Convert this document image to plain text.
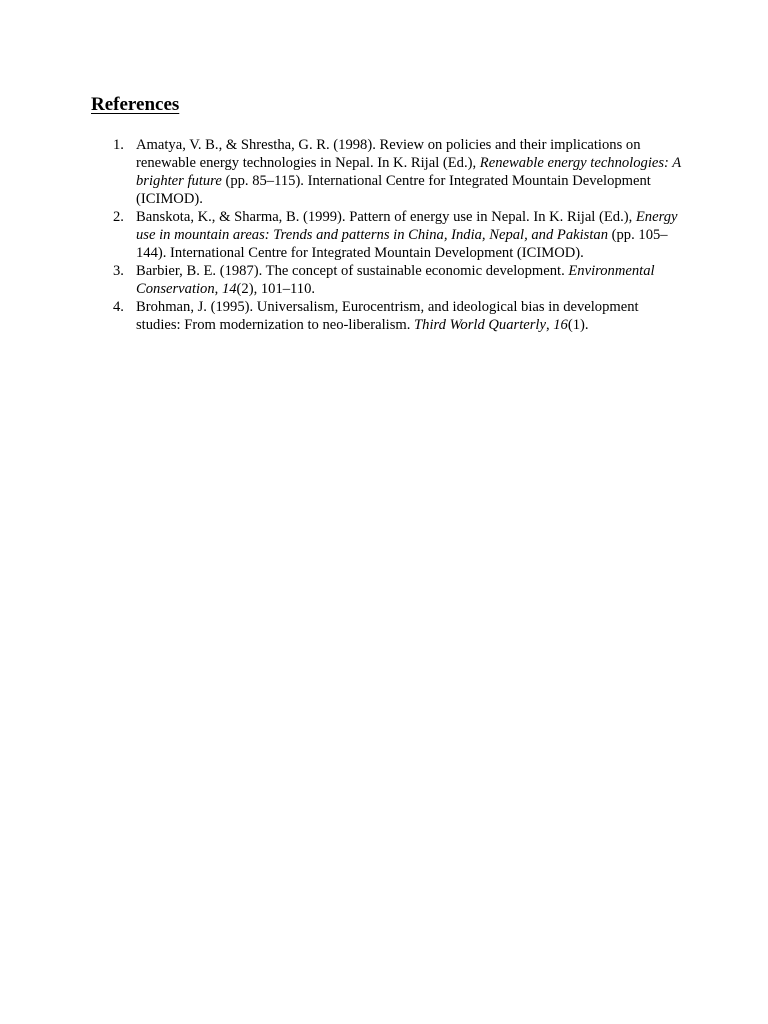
References
1. Amatya, V. B., & Shrestha, G. R. (1998). Review on policies and their implications on renewable energy technologies in Nepal. In K. Rijal (Ed.), Renewable energy technologies: A brighter future (pp. 85–115). International Centre for Integrated Mountain Development (ICIMOD).
2. Banskota, K., & Sharma, B. (1999). Pattern of energy use in Nepal. In K. Rijal (Ed.), Energy use in mountain areas: Trends and patterns in China, India, Nepal, and Pakistan (pp. 105–144). International Centre for Integrated Mountain Development (ICIMOD).
3. Barbier, B. E. (1987). The concept of sustainable economic development. Environmental Conservation, 14(2), 101–110.
4. Brohman, J. (1995). Universalism, Eurocentrism, and ideological bias in development studies: From modernization to neo-liberalism. Third World Quarterly, 16(1).
